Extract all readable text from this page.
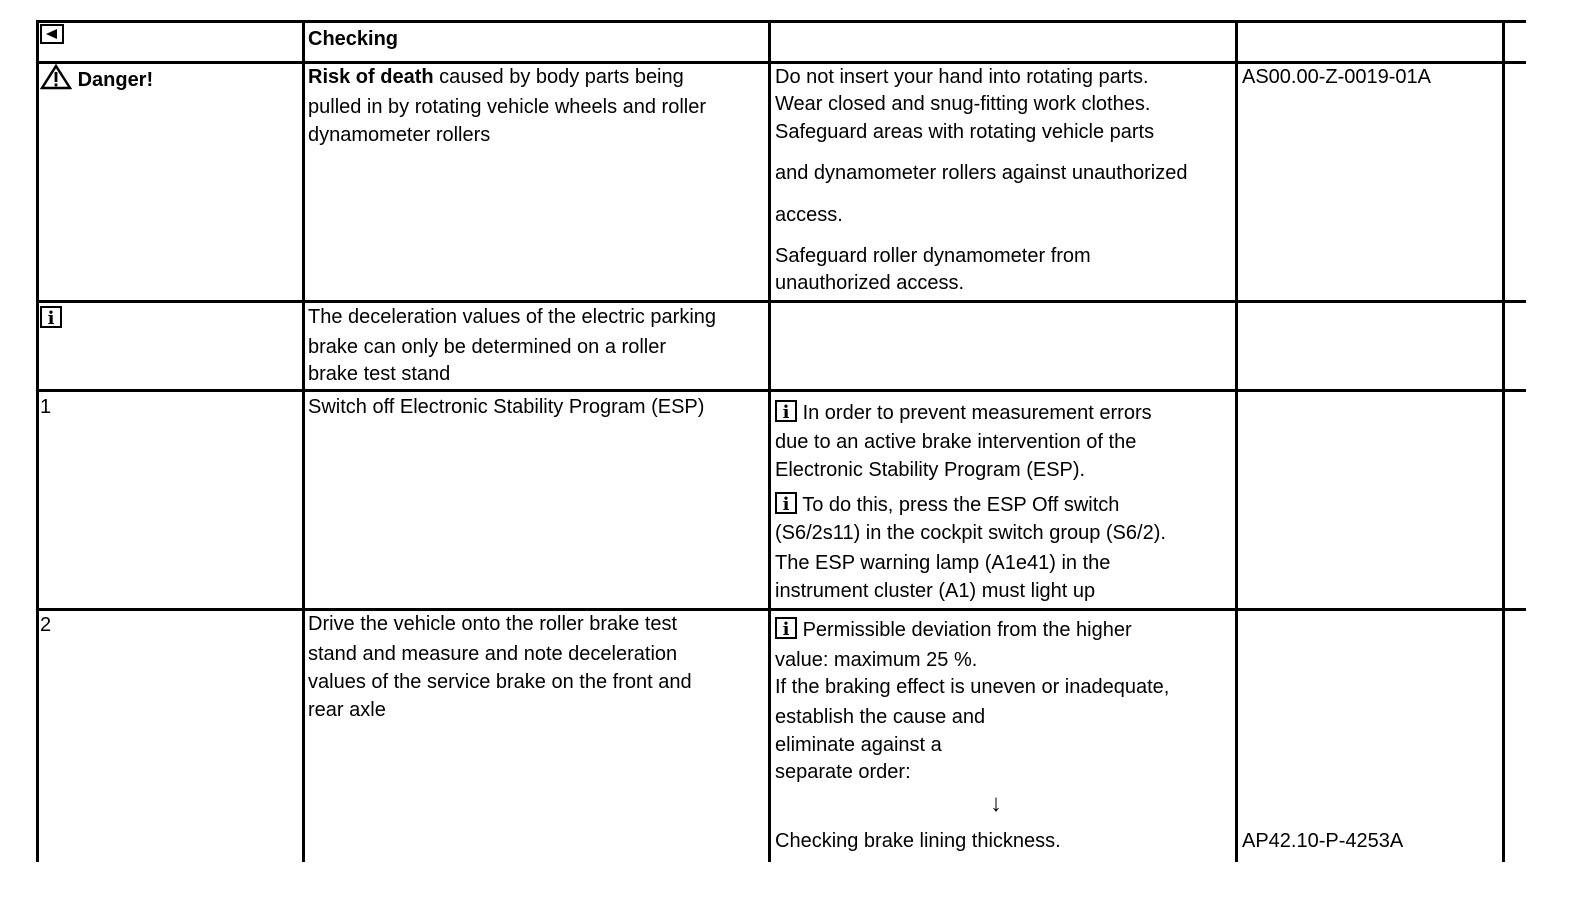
Checking
Danger!	Risk of death caused by body parts being
pulled in by rotating vehicle wheels and roller
dynamometer rollers
Do not insert your hand into rotating parts.
Wear closed and snug-fitting work clothes.
Safeguard areas with rotating vehicle parts
and dynamometer rollers against unauthorized
access.
Safeguard roller dynamometer from
unauthorized access.
AS00.00-Z-0019-01A
i
The deceleration values of the electric parking
brake can only be determined on a roller
brake test stand
1	Switch off Electronic Stability Program (ESP)
i	In order to prevent measurement errors
due to an active brake intervention of the
Electronic Stability Program (ESP).
i To do this, press the ESP Off switch
(S6/2s11) in the cockpit switch group (S6/2).
The ESP warning lamp (A1e41) in the
instrument cluster (A1) must light up
2	Drive the vehicle onto the roller brake test
stand and measure and note deceleration
values of the service brake on the front and
rear axle
i Permissible deviation from the higher
value: maximum 25 %.
If the braking effect is uneven or inadequate,
establish the cause and
eliminate against a
separate order:
↓
Checking brake lining thickness.	AP42.10-P-4253A
